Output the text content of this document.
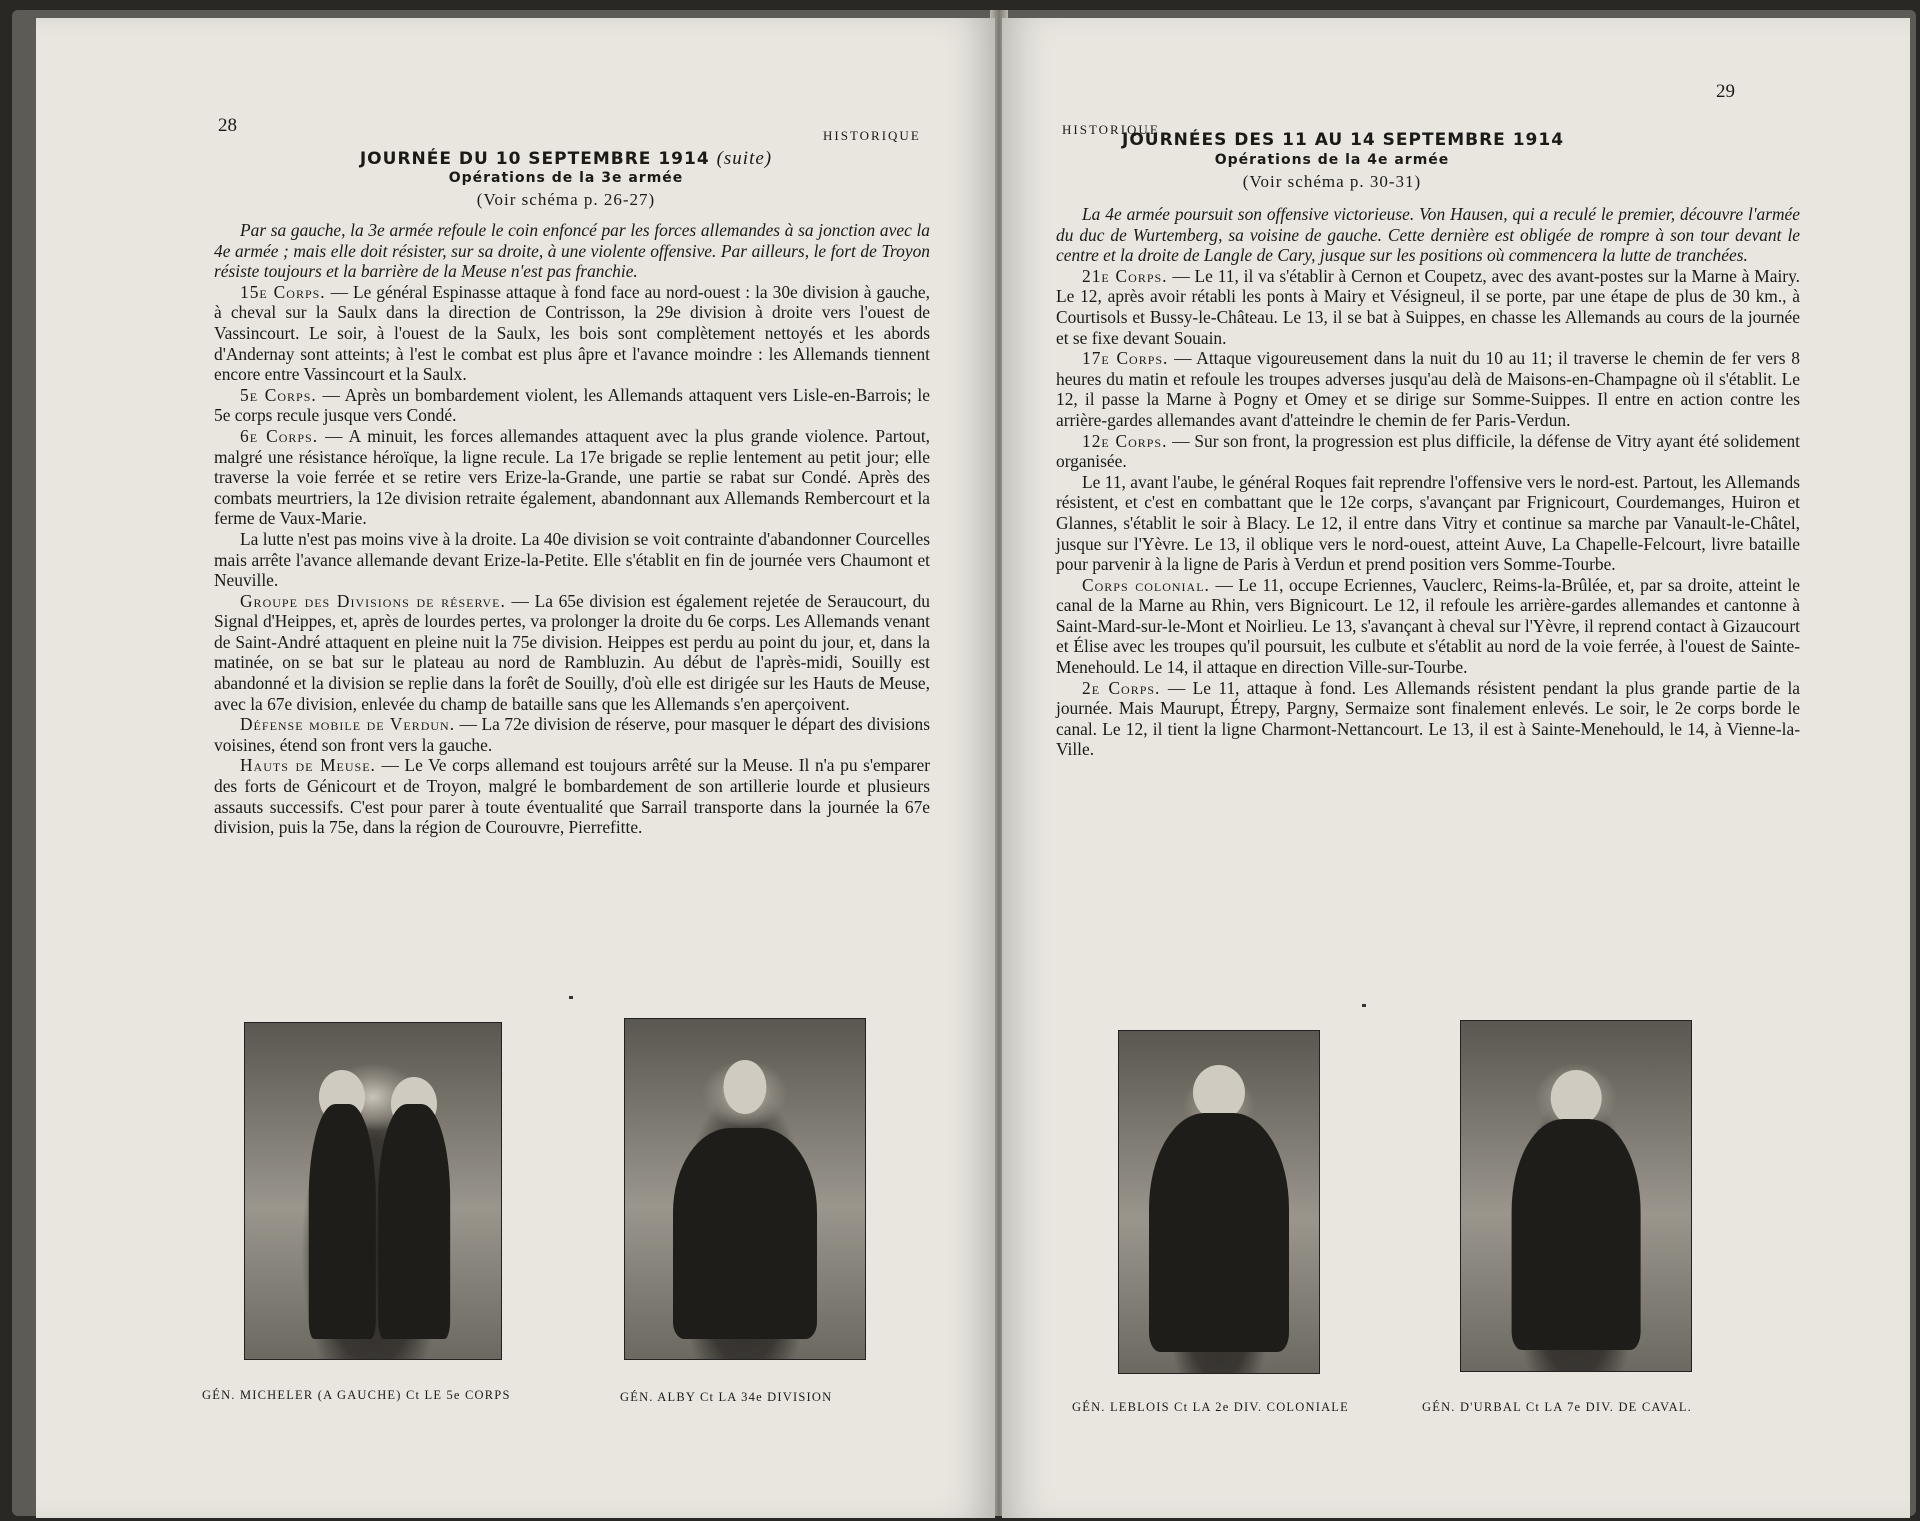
28	HISTORIQUE
JOURNÉE DU 10 SEPTEMBRE 1914 (suite)
Opérations de la 3e armée
(Voir schéma p. 26-27)

Par sa gauche, la 3e armée refoule le coin enfoncé par les forces allemandes à sa jonction avec la 4e armée ; mais elle doit résister, sur sa droite, à une violente offensive. Par ailleurs, le fort de Troyon résiste toujours et la barrière de la Meuse n'est pas franchie.

15e Corps. — Le général Espinasse attaque à fond face au nord-ouest : la 30e division à gauche, à cheval sur la Saulx dans la direction de Contrisson, la 29e division à droite vers l'ouest de Vassincourt. Le soir, à l'ouest de la Saulx, les bois sont complètement nettoyés et les abords d'Andernay sont atteints; à l'est le combat est plus âpre et l'avance moindre : les Allemands tiennent encore entre Vassincourt et la Saulx.

5e Corps. — Après un bombardement violent, les Allemands attaquent vers Lisle-en-Barrois; le 5e corps recule jusque vers Condé.

6e Corps. — A minuit, les forces allemandes attaquent avec la plus grande violence. Partout, malgré une résistance héroïque, la ligne recule. La 17e brigade se replie lentement au petit jour; elle traverse la voie ferrée et se retire vers Erize-la-Grande, une partie se rabat sur Condé. Après des combats meurtriers, la 12e division retraite également, abandonnant aux Allemands Rembercourt et la ferme de Vaux-Marie.

La lutte n'est pas moins vive à la droite. La 40e division se voit contrainte d'abandonner Courcelles mais arrête l'avance allemande devant Erize-la-Petite. Elle s'établit en fin de journée vers Chaumont et Neuville.

Groupe des Divisions de réserve. — La 65e division est également rejetée de Seraucourt, du Signal d'Heippes, et, après de lourdes pertes, va prolonger la droite du 6e corps. Les Allemands venant de Saint-André attaquent en pleine nuit la 75e division. Heippes est perdu au point du jour, et, dans la matinée, on se bat sur le plateau au nord de Rambluzin. Au début de l'après-midi, Souilly est abandonné et la division se replie dans la forêt de Souilly, d'où elle est dirigée sur les Hauts de Meuse, avec la 67e division, enlevée du champ de bataille sans que les Allemands s'en aperçoivent.

Défense mobile de Verdun. — La 72e division de réserve, pour masquer le départ des divisions voisines, étend son front vers la gauche.

Hauts de Meuse. — Le Ve corps allemand est toujours arrêté sur la Meuse. Il n'a pu s'emparer des forts de Génicourt et de Troyon, malgré le bombardement de son artillerie lourde et plusieurs assauts successifs. C'est pour parer à toute éventualité que Sarrail transporte dans la journée la 67e division, puis la 75e, dans la région de Courouvre, Pierrefitte.

GÉN. MICHELER (A GAUCHE) Ct LE 5e CORPS	GÉN. ALBY Ct LA 34e DIVISION
29
HISTORIQUE
JOURNÉES DES 11 AU 14 SEPTEMBRE 1914
Opérations de la 4e armée
(Voir schéma p. 30-31)

La 4e armée poursuit son offensive victorieuse. Von Hausen, qui a reculé le premier, découvre l'armée du duc de Wurtemberg, sa voisine de gauche. Cette dernière est obligée de rompre à son tour devant le centre et la droite de Langle de Cary, jusque sur les positions où commencera la lutte de tranchées.

21e Corps. — Le 11, il va s'établir à Cernon et Coupetz, avec des avant-postes sur la Marne à Mairy. Le 12, après avoir rétabli les ponts à Mairy et Vésigneul, il se porte, par une étape de plus de 30 km., à Courtisols et Bussy-le-Château. Le 13, il se bat à Suippes, en chasse les Allemands au cours de la journée et se fixe devant Souain.

17e Corps. — Attaque vigoureusement dans la nuit du 10 au 11; il traverse le chemin de fer vers 8 heures du matin et refoule les troupes adverses jusqu'au delà de Maisons-en-Champagne où il s'établit. Le 12, il passe la Marne à Pogny et Omey et se dirige sur Somme-Suippes. Il entre en action contre les arrière-gardes allemandes avant d'atteindre le chemin de fer Paris-Verdun.

12e Corps. — Sur son front, la progression est plus difficile, la défense de Vitry ayant été solidement organisée.

Le 11, avant l'aube, le général Roques fait reprendre l'offensive vers le nord-est. Partout, les Allemands résistent, et c'est en combattant que le 12e corps, s'avançant par Frignicourt, Courdemanges, Huiron et Glannes, s'établit le soir à Blacy. Le 12, il entre dans Vitry et continue sa marche par Vanault-le-Châtel, jusque sur l'Yèvre. Le 13, il oblique vers le nord-ouest, atteint Auve, La Chapelle-Felcourt, livre bataille pour parvenir à la ligne de Paris à Verdun et prend position vers Somme-Tourbe.

Corps colonial. — Le 11, occupe Ecriennes, Vauclerc, Reims-la-Brûlée, et, par sa droite, atteint le canal de la Marne au Rhin, vers Bignicourt. Le 12, il refoule les arrière-gardes allemandes et cantonne à Saint-Mard-sur-le-Mont et Noirlieu. Le 13, s'avançant à cheval sur l'Yèvre, il reprend contact à Gizaucourt et Élise avec les troupes qu'il poursuit, les culbute et s'établit au nord de la voie ferrée, à l'ouest de Sainte-Menehould. Le 14, il attaque en direction Ville-sur-Tourbe.

2e Corps. — Le 11, attaque à fond. Les Allemands résistent pendant la plus grande partie de la journée. Mais Maurupt, Étrepy, Pargny, Sermaize sont finalement enlevés. Le soir, le 2e corps borde le canal. Le 12, il tient la ligne Charmont-Nettancourt. Le 13, il est à Sainte-Menehould, le 14, à Vienne-la-Ville.

GÉN. LEBLOIS Ct LA 2e DIV. COLONIALE	GÉN. D'URBAL Ct LA 7e DIV. DE CAVAL.
